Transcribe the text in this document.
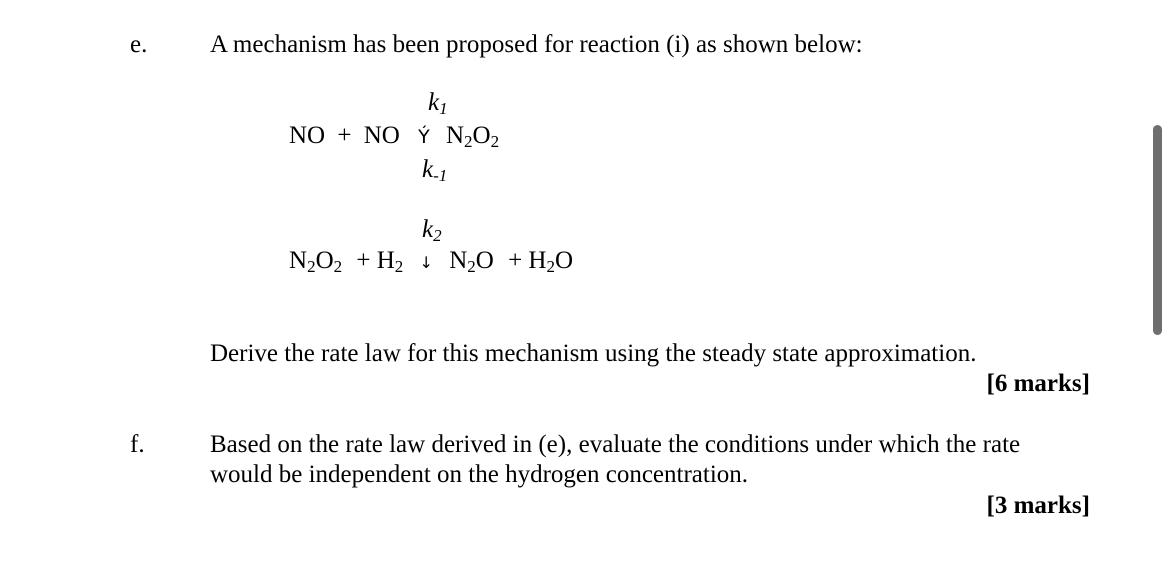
e.	A mechanism has been proposed for reaction (i) as shown below:
$k_1$
NO + NO Ý $N_2O_2$
$k_{-1}$
$k_2$
$N_2O_2 + H_2$ ↓ $N_2O + H_2O$
Derive the rate law for this mechanism using the steady state approximation.
[6 marks]
f.	Based on the rate law derived in (e), evaluate the conditions under which the rate
would be independent on the hydrogen concentration.
[3 marks]
